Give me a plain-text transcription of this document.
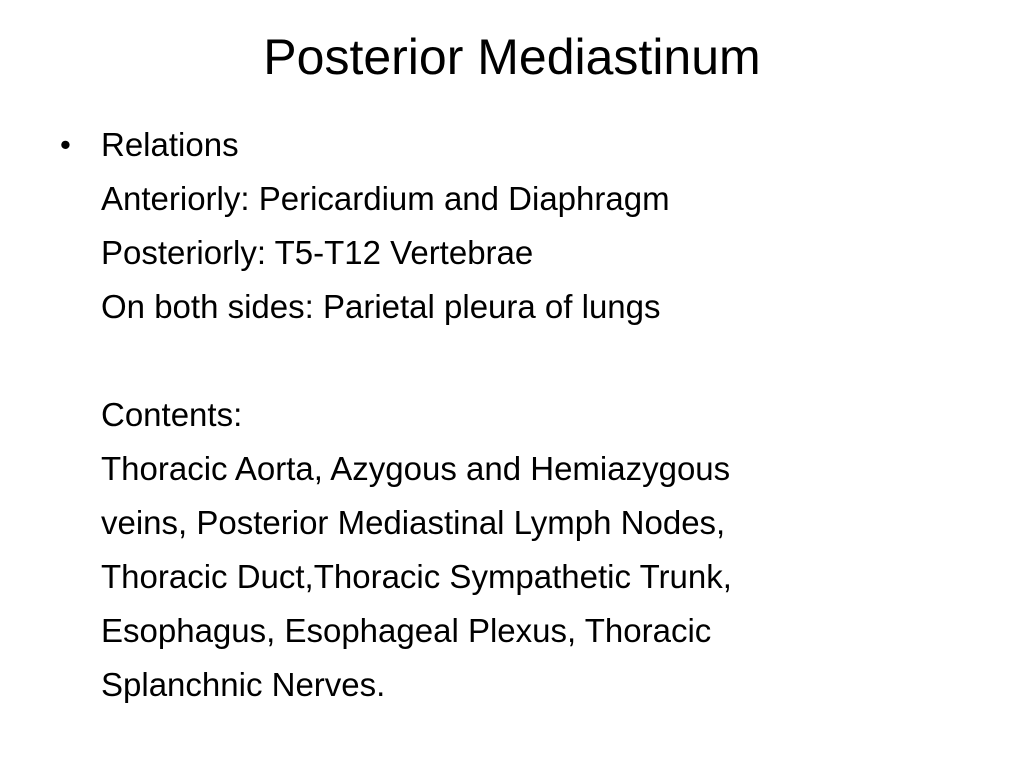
Posterior Mediastinum
• Relations
Anteriorly: Pericardium and Diaphragm
Posteriorly: T5-T12 Vertebrae
On both sides: Parietal pleura of lungs
Contents:
Thoracic Aorta, Azygous and Hemiazygous
veins, Posterior Mediastinal Lymph Nodes,
Thoracic Duct,Thoracic Sympathetic Trunk,
Esophagus, Esophageal Plexus, Thoracic
Splanchnic Nerves.
